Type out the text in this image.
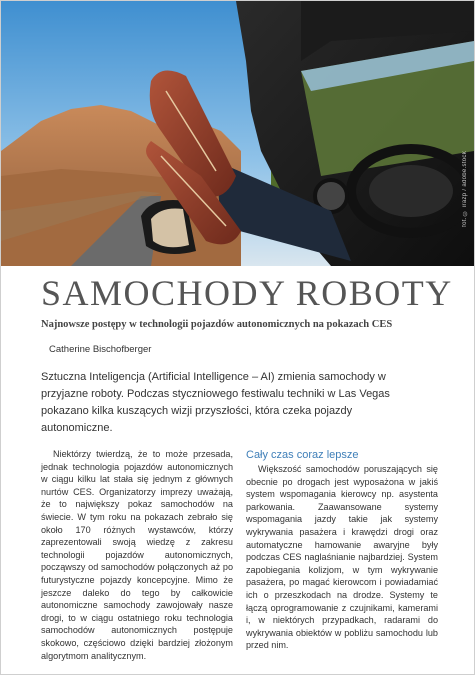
fot. © irazp / adobe.stock
SAMOCHODY ROBOTY
Najnowsze postępy w technologii pojazdów autonomicznych na pokazach CES
Catherine Bischofberger
Sztuczna Inteligencja (Artificial Intelligence – AI) zmienia samochody w przyjazne roboty. Podczas styczniowego festiwalu techniki w Las Vegas pokazano kilka kuszących wizji przyszłości, która czeka pojazdy autonomiczne.
Niektórzy twierdzą, że to może przesada, jednak technologia pojazdów autonomicznych w ciągu kilku lat stała się jednym z głównych nurtów CES. Organizatorzy imprezy uważają, że to największy pokaz samochodów na świecie. W tym roku na pokazach zebrało się około 170 różnych wystawców, którzy zaprezentowali swoją wiedzę z zakresu technologii pojazdów autonomicznych, począwszy od samochodów połączonych aż po futurystyczne pojazdy koncepcyjne. Mimo że jeszcze daleko do tego by całkowicie autonomiczne samochody zawojowały nasze drogi, to w ciągu ostatniego roku technologia samochodów autonomicznych postępuje skokowo, częściowo dzięki bardziej złożonym algorytmom analitycznym.
Cały czas coraz lepsze
Większość samochodów poruszających się obecnie po drogach jest wyposażona w jakiś system wspomagania kierowcy np. asystenta parkowania. Zaawansowane systemy wspomagania jazdy takie jak systemy wykrywania pasażera i krawędzi drogi oraz automatyczne hamowanie awaryjne były podczas CES naglaśnianie najbardziej. System zapobiegania kolizjom, w tym wykrywanie pasażera, po magać kierowcom i powiadamiać ich o przeszkodach na drodze. Systemy te łączą oprogramowanie z czujnikami, kamerami i, w niektórych przypadkach, radarami do wykrywania obiektów w pobliżu samochodu lub przed nim.
